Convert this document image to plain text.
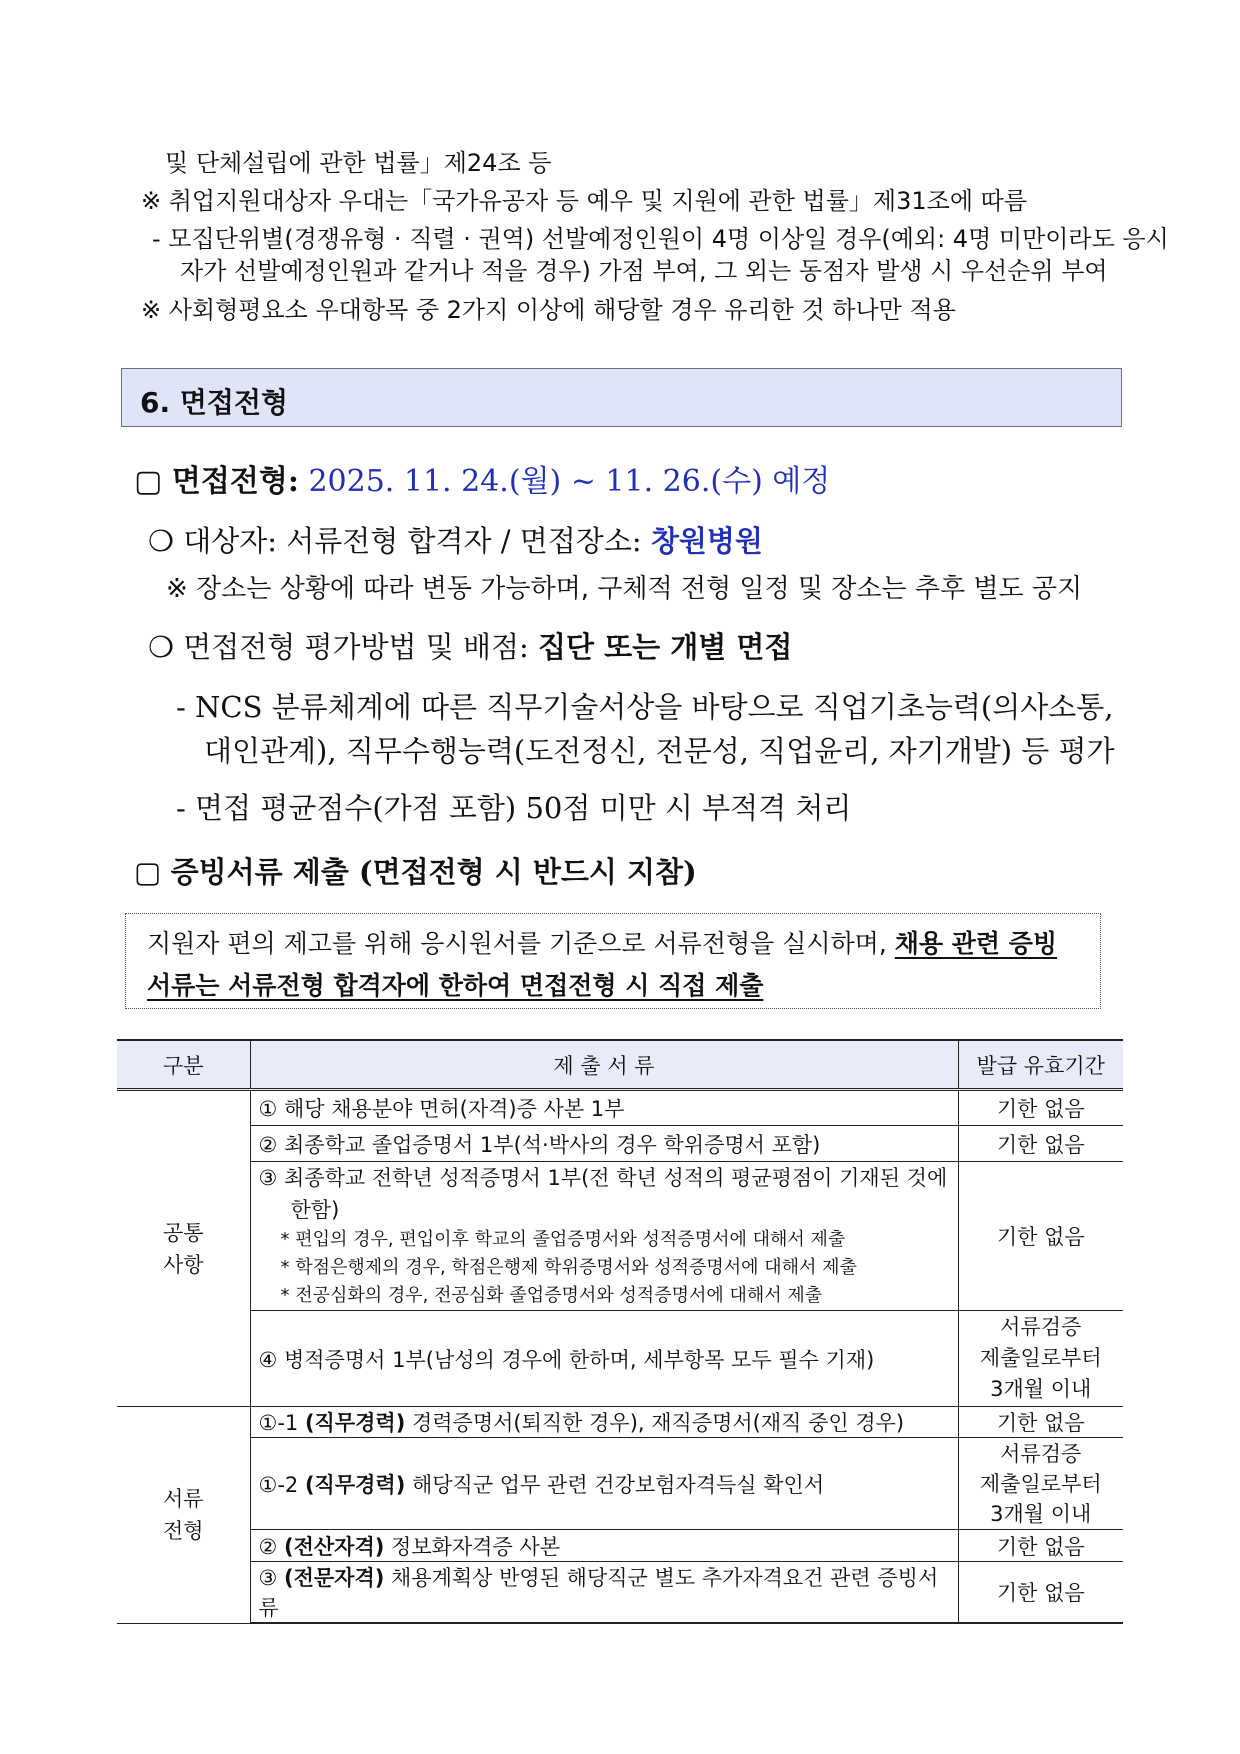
및 단체설립에 관한 법률」제24조 등
※ 취업지원대상자 우대는「국가유공자 등 예우 및 지원에 관한 법률」제31조에 따름
- 모집단위별(경쟁유형 · 직렬 · 권역) 선발예정인원이 4명 이상일 경우(예외: 4명 미만이라도 응시
자가 선발예정인원과 같거나 적을 경우) 가점 부여, 그 외는 동점자 발생 시 우선순위 부여
※ 사회형평요소 우대항목 중 2가지 이상에 해당할 경우 유리한 것 하나만 적용
6. 면접전형
▢ 면접전형: 2025. 11. 24.(월) ~ 11. 26.(수) 예정
❍ 대상자: 서류전형 합격자 / 면접장소: 창원병원
※ 장소는 상황에 따라 변동 가능하며, 구체적 전형 일정 및 장소는 추후 별도 공지
❍ 면접전형 평가방법 및 배점: 집단 또는 개별 면접
- NCS 분류체계에 따른 직무기술서상을 바탕으로 직업기초능력(의사소통,
대인관계), 직무수행능력(도전정신, 전문성, 직업윤리, 자기개발) 등 평가
- 면접 평균점수(가점 포함) 50점 미만 시 부적격 처리
▢ 증빙서류 제출 (면접전형 시 반드시 지참)
지원자 편의 제고를 위해 응시원서를 기준으로 서류전형을 실시하며, 채용 관련 증빙
서류는 서류전형 합격자에 한하여 면접전형 시 직접 제출
구분	제 출 서 류	발급 유효기간
공통
사항	① 해당 채용분야 면허(자격)증 사본 1부	기한 없음
	② 최종학교 졸업증명서 1부(석·박사의 경우 학위증명서 포함)	기한 없음

	③ 최종학교 전학년 성적증명서 1부(전 학년 성적의 평균평점이 기재된 것에 한함)
* 편입의 경우, 편입이후 학교의 졸업증명서와 성적증명서에 대해서 제출
* 학점은행제의 경우, 학점은행제 학위증명서와 성적증명서에 대해서 제출
* 전공심화의 경우, 전공심화 졸업증명서와 성적증명서에 대해서 제출	기한 없음
	④ 병적증명서 1부(남성의 경우에 한하며, 세부항목 모두 필수 기재)	서류검증
제출일로부터
3개월 이내

서류
전형	①-1 (직무경력) 경력증명서(퇴직한 경우), 재직증명서(재직 중인 경우)	기한 없음
	①-2 (직무경력) 해당직군 업무 관련 건강보험자격득실 확인서	서류검증
제출일로부터
3개월 이내

	② (전산자격) 정보화자격증 사본	기한 없음
	③ (전문자격) 채용계획상 반영된 해당직군 별도 추가자격요건 관련 증빙서류	기한 없음
